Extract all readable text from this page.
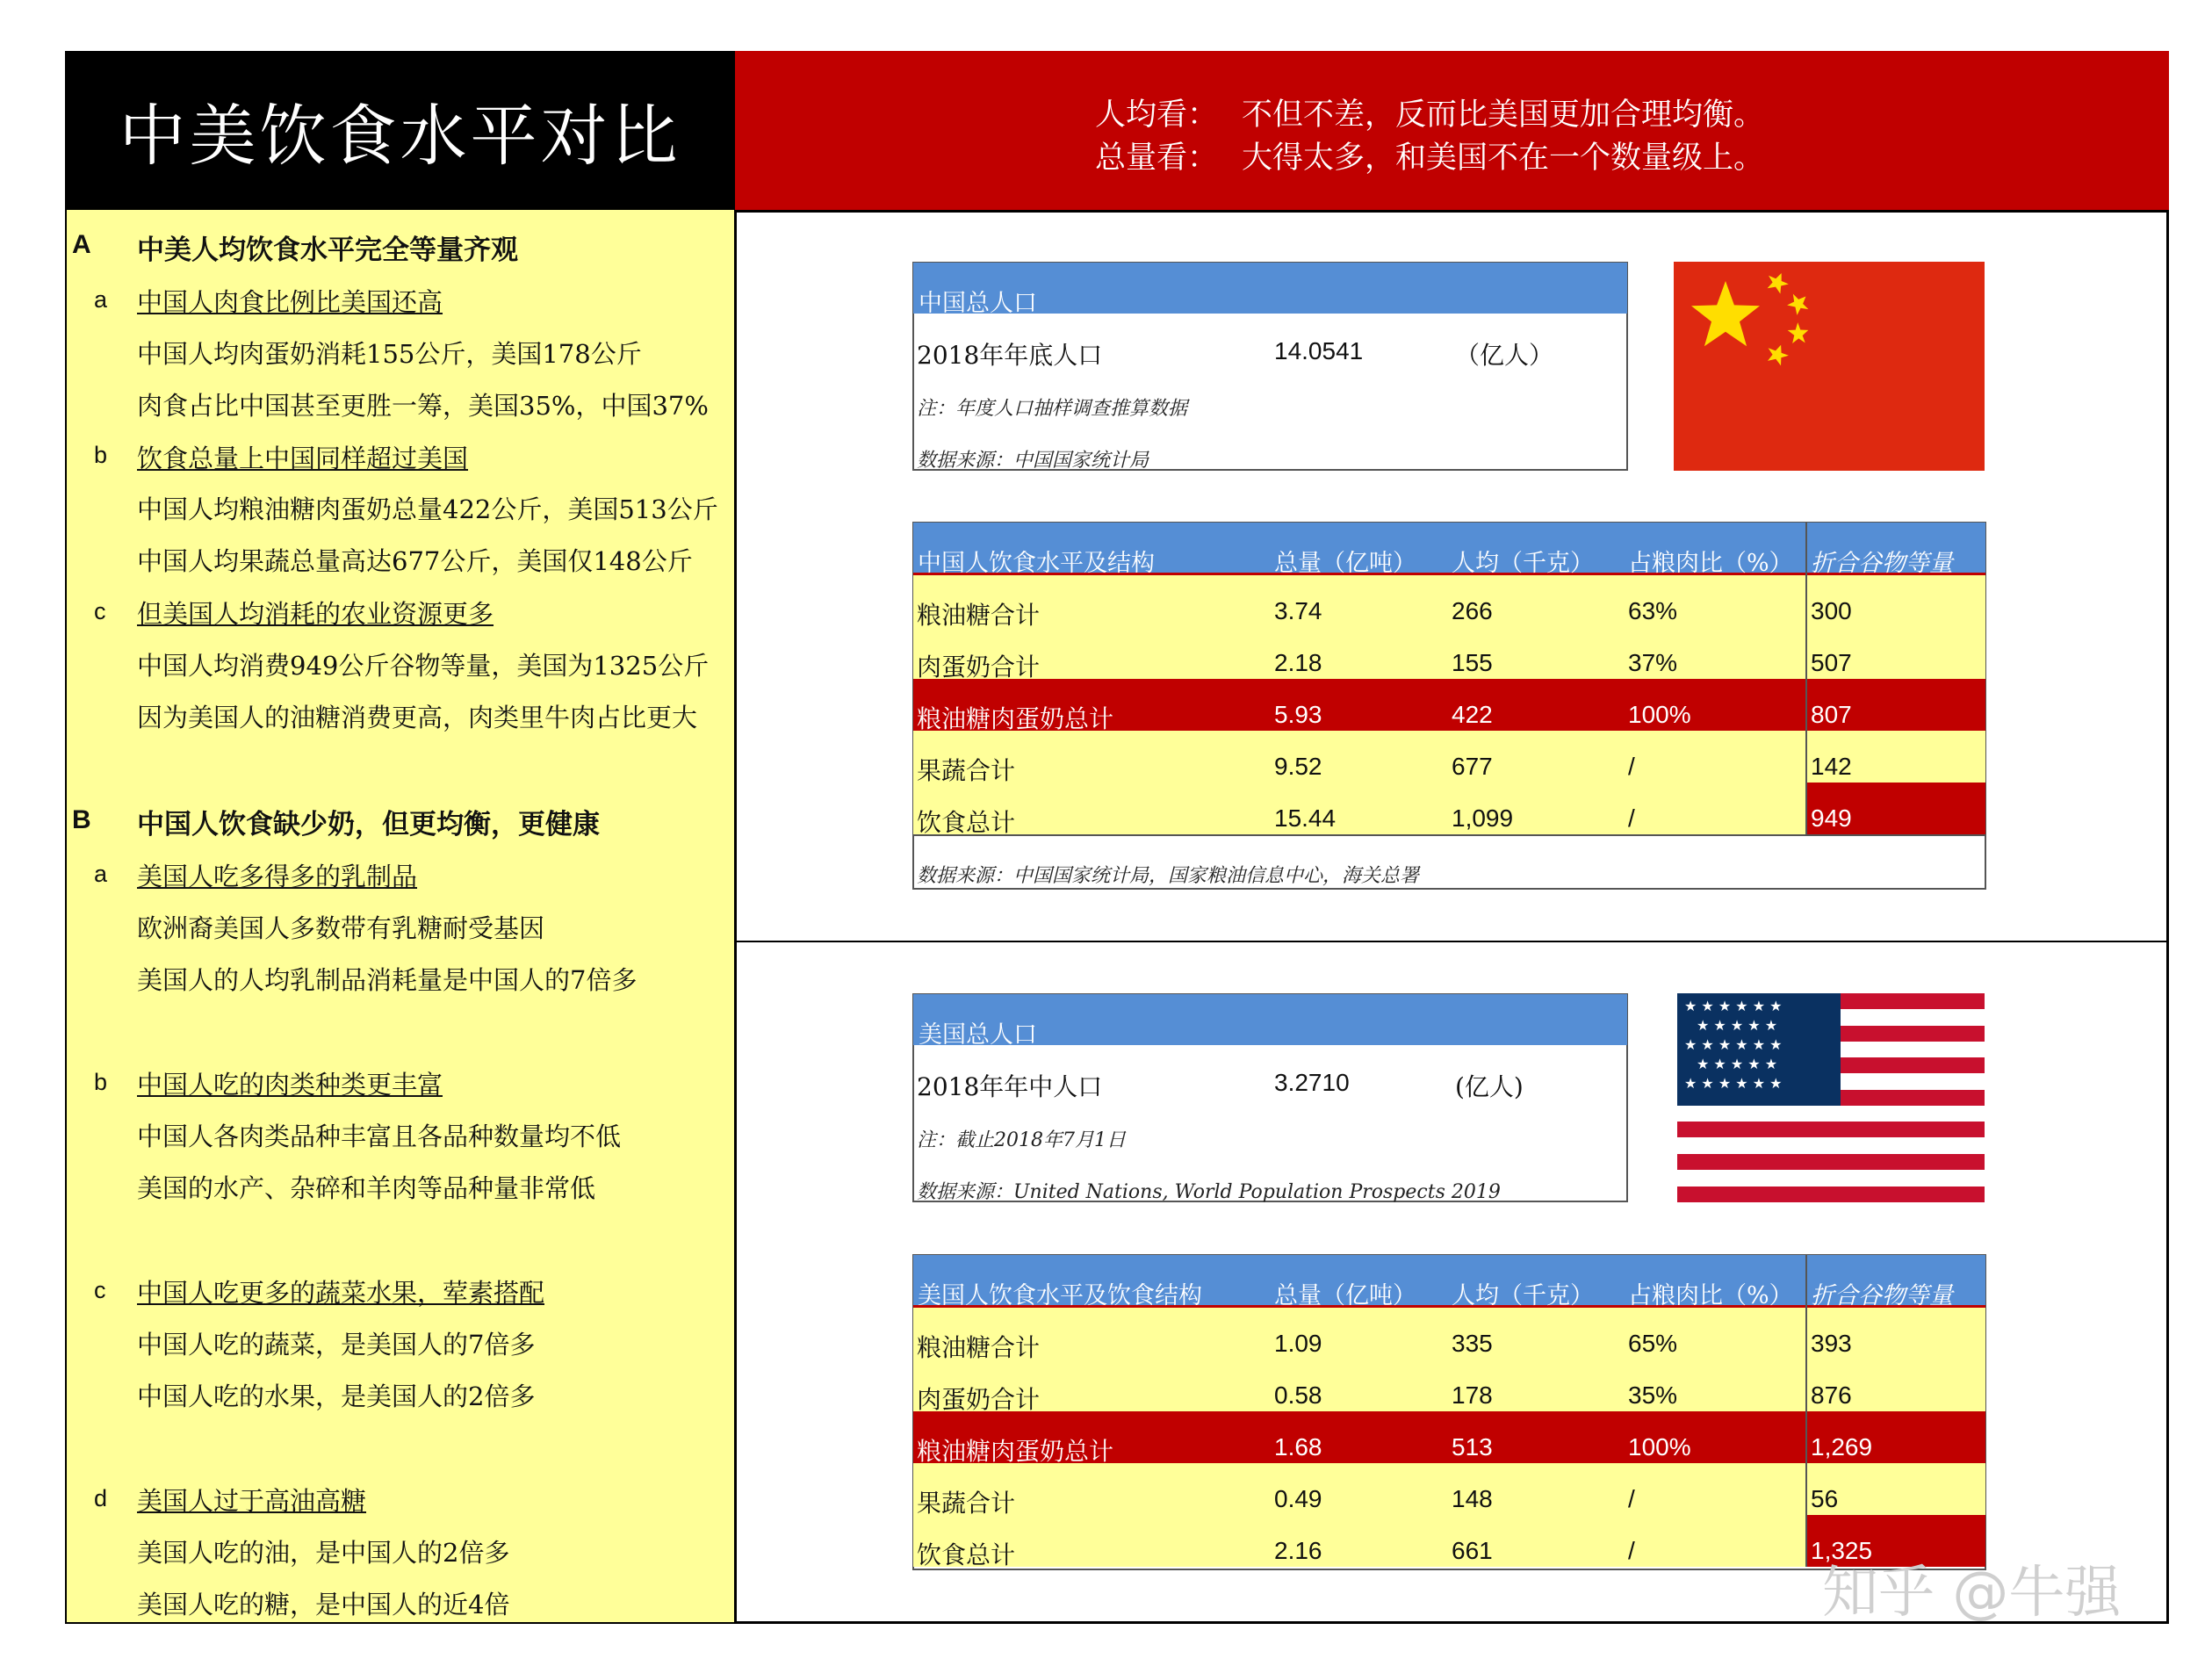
中美饮食水平对比	人均看： 不但不差，反而比美国更加合理均衡。
总量看： 大得太多，和美国不在一个数量级上。
A 中美人均饮食水平完全等量齐观
a 中国人肉食比例比美国还高
中国人均肉蛋奶消耗155公斤，美国178公斤
肉食占比中国甚至更胜一筹，美国35%，中国37%
b 饮食总量上中国同样超过美国
中国人均粮油糖肉蛋奶总量422公斤，美国513公斤
中国人均果蔬总量高达677公斤，美国仅148公斤
c 但美国人均消耗的农业资源更多
中国人均消费949公斤谷物等量，美国为1325公斤
因为美国人的油糖消费更高，肉类里牛肉占比更大
B 中国人饮食缺少奶，但更均衡，更健康
a 美国人吃多得多的乳制品
欧洲裔美国人多数带有乳糖耐受基因
美国人的人均乳制品消耗量是中国人的7倍多
b 中国人吃的肉类种类更丰富
中国人各肉类品种丰富且各品种数量均不低
美国的水产、杂碎和羊肉等品种量非常低
c 中国人吃更多的蔬菜水果，荤素搭配
中国人吃的蔬菜，是美国人的7倍多
中国人吃的水果，是美国人的2倍多
d 美国人过于高油高糖
美国人吃的油，是中国人的2倍多
美国人吃的糖，是中国人的近4倍
中国总人口
2018年年底人口	14.0541	（亿人）
注：年度人口抽样调查推算数据
数据来源：中国国家统计局
中国人饮食水平及结构	总量（亿吨） 人均（千克） 占粮肉比（%） 折合谷物等量
粮油糖合计	3.74	266	63%	300
肉蛋奶合计	2.18	155	37%	507
粮油糖肉蛋奶总计	5.93	422	100%	807
果蔬合计	9.52	677	/	142
饮食总计	15.44	1,099	/	949
数据来源：中国国家统计局，国家粮油信息中心，海关总署
美国总人口
2018年年中人口	3.2710	(亿人)
注：截止2018年7月1日
数据来源：United Nations, World Population Prospects 2019
★ ★ ★ ★ ★ ★
★ ★ ★ ★ ★
★ ★ ★ ★ ★ ★
★ ★ ★ ★ ★
★ ★ ★ ★ ★ ★
美国人饮食水平及饮食结构	总量（亿吨） 人均（千克） 占粮肉比（%） 折合谷物等量
粮油糖合计	1.09	335	65%	393
肉蛋奶合计	0.58	178	35%	876
粮油糖肉蛋奶总计	1.68	513	100%	1,269
果蔬合计	0.49	148	/	56
饮食总计	2.16	661	/	1,325
知乎 @牛强
